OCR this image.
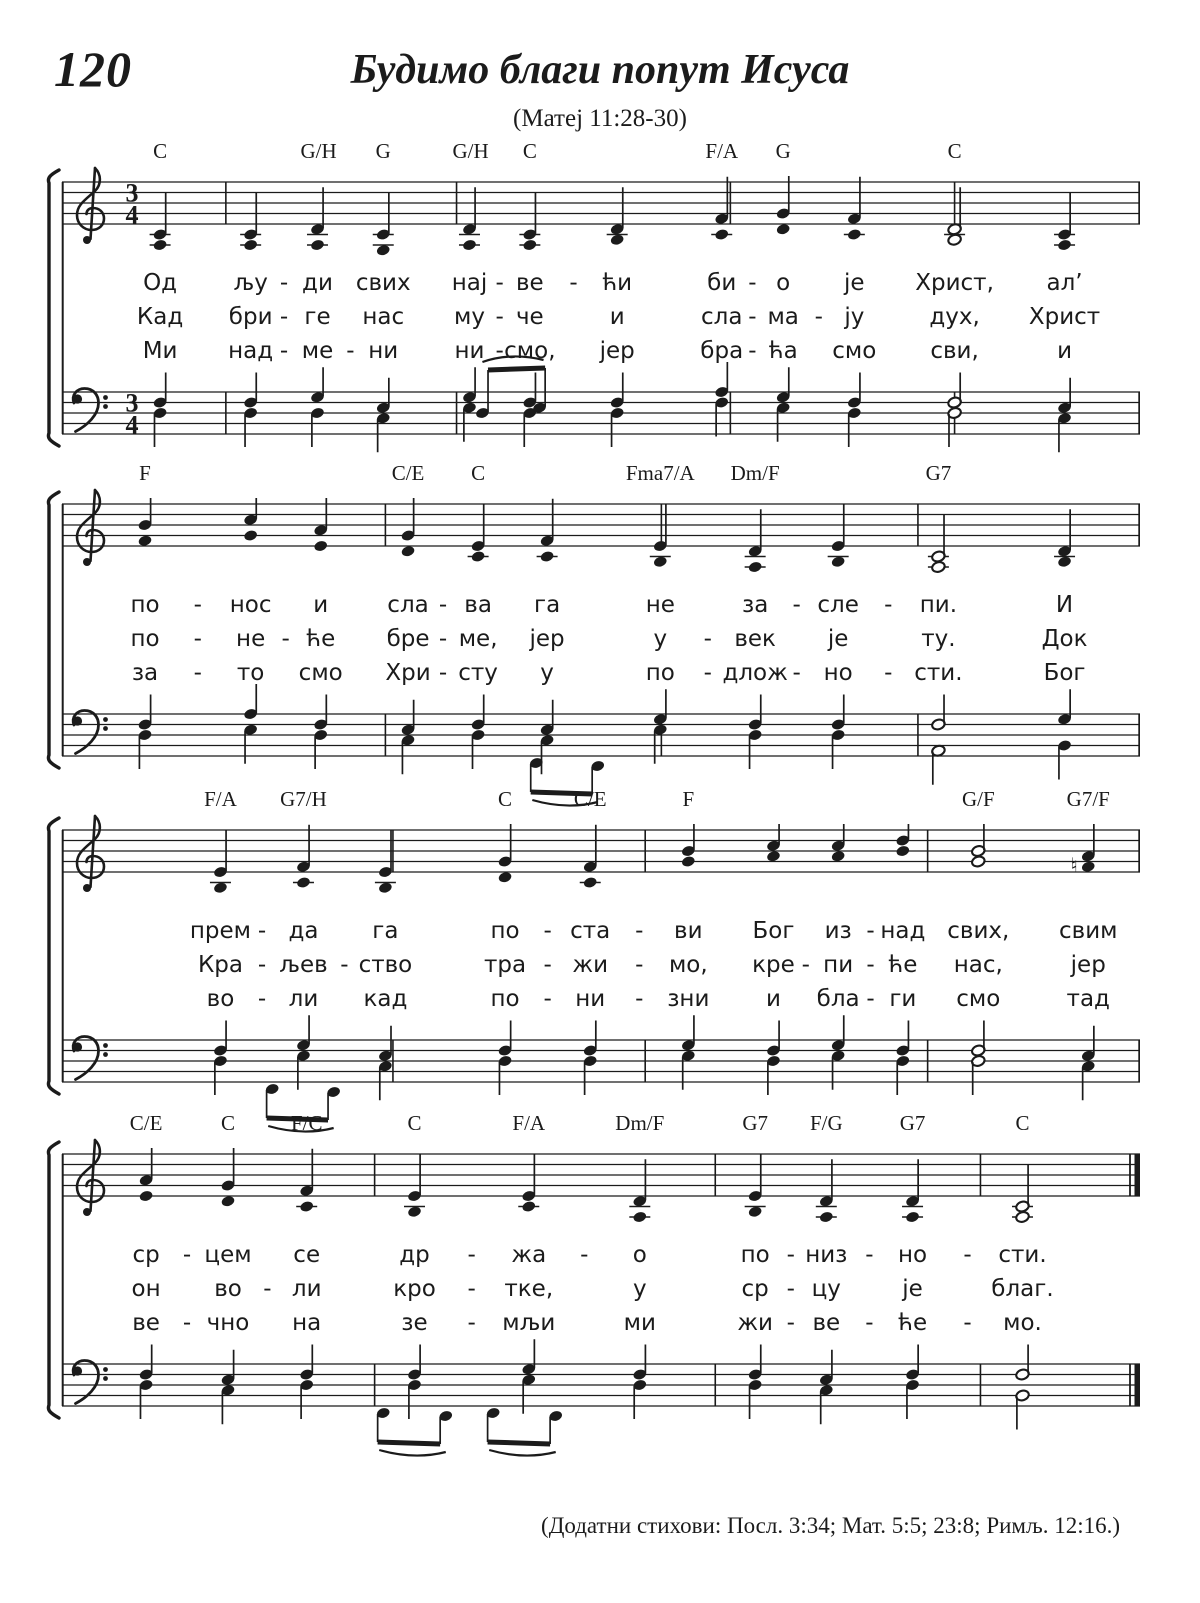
120	Будимо благи попут Исуса
(Матеј 11:28-30)
3
4
3
4
C	G/H G	G/H C	F/A G	C
Од љу - ди свих нај - ве - ћи	би - о је Христ, ал’
Кад бри - ге нас му - че	и	сла - ма - ју	дух, Христ
Ми над - ме - ни ни - смо, јер	бра - ћа смо сви,	и
F	C/E C	Fma7/A Dm/F	G7
по - нос и	сла - ва га	не	за - сле - пи.	И
по - не - ће бре - ме, јер	у - век је	ту.	Док
за - то смо Хри - сту у	по - длож - но - сти.	Бог
F/A G7/H	C	C/E	F	G/F	G7/F
♮
прем - да га	по - ста - ви Бог из - над свих, свим
Кра - љев - ство	тра - жи - мо, кре - пи - ће нас,	јер
во - ли кад	по - ни - зни и бла - ги смо	тад
C/E	C	F/C	C	F/A	Dm/F	G7 F/G	G7	C
ср - цем се	др - жа - о	по - низ - но - сти.
он во - ли	кро - тке,	у	ср - цу	је	благ.
ве - чно на	зе - мљи	ми	жи - ве - ће - мо.
(Додатни стихови: Посл. 3:34; Мат. 5:5; 23:8; Римљ. 12:16.)
